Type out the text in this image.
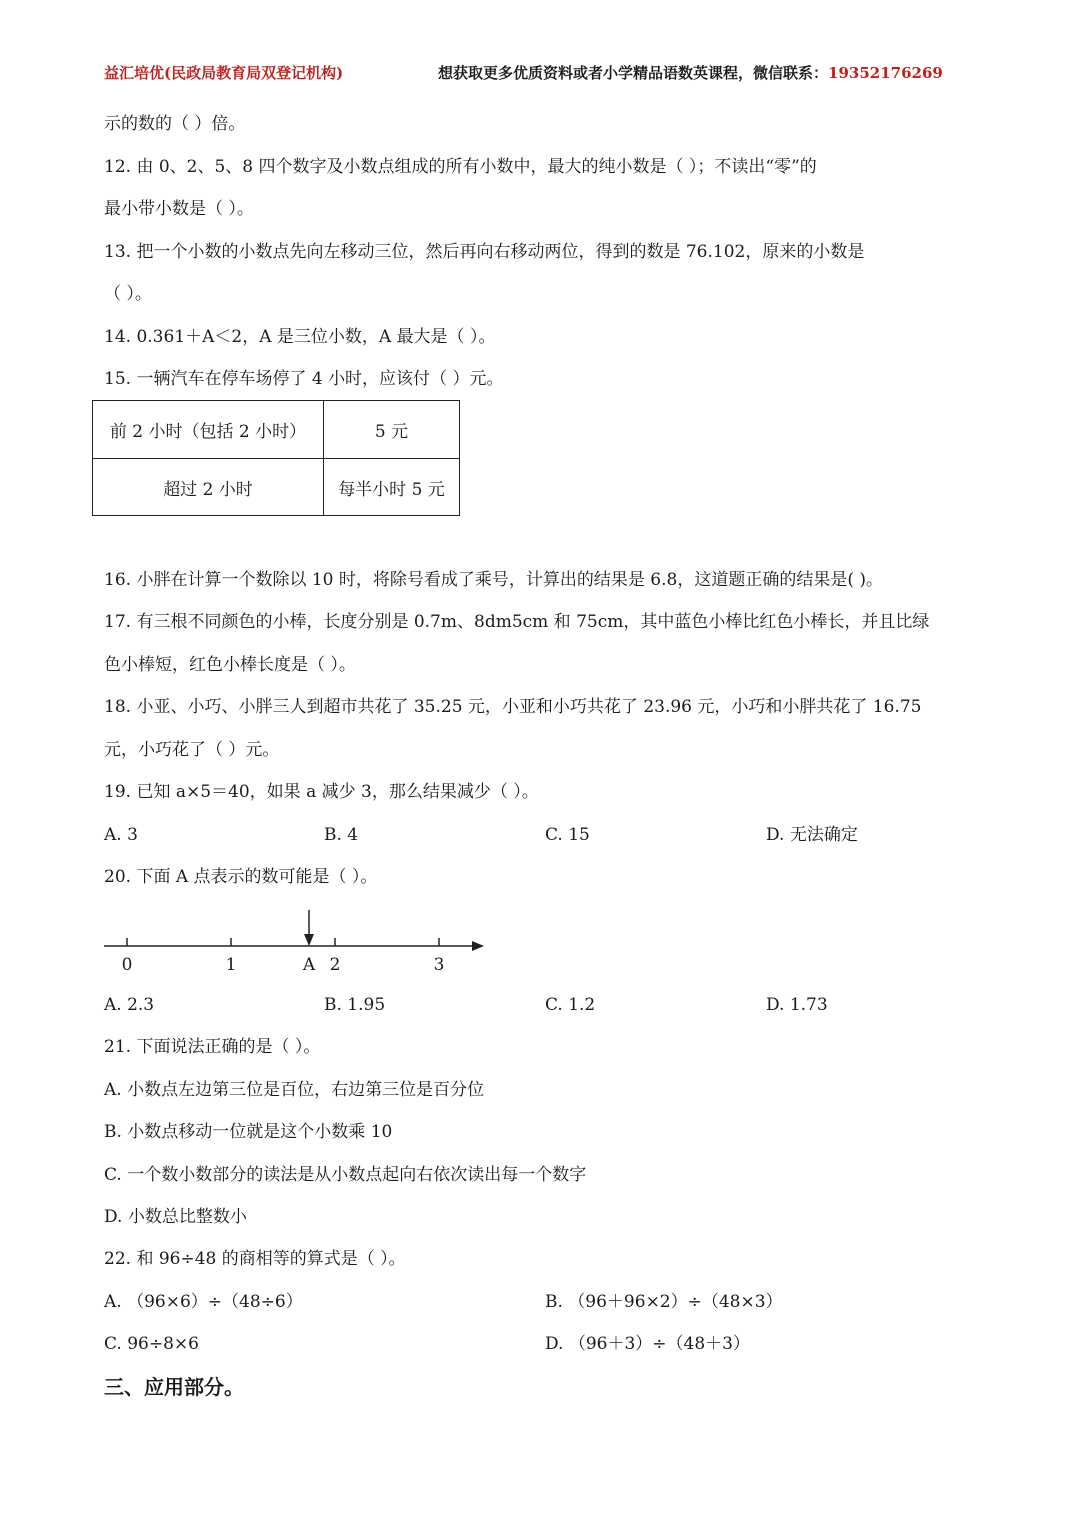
益汇培优(民政局教育局双登记机构)	想获取更多优质资料或者小学精品语数英课程，微信联系：19352176269
示的数的（ ）倍。
12. 由 0、2、5、8 四个数字及小数点组成的所有小数中，最大的纯小数是（ ）；不读出“零”的
最小带小数是（ ）。
13. 把一个小数的小数点先向左移动三位，然后再向右移动两位，得到的数是 76.102，原来的小数是
（ ）。
14. 0.361＋A＜2，A 是三位小数，A 最大是（ ）。
15. 一辆汽车在停车场停了 4 小时，应该付（ ）元。
前 2 小时（包括 2 小时）	5 元
超过 2 小时	每半小时 5 元
16. 小胖在计算一个数除以 10 时，将除号看成了乘号，计算出的结果是 6.8，这道题正确的结果是( )。
17. 有三根不同颜色的小棒，长度分别是 0.7m、8dm5cm 和 75cm，其中蓝色小棒比红色小棒长，并且比绿
色小棒短，红色小棒长度是（ ）。
18. 小亚、小巧、小胖三人到超市共花了 35.25 元，小亚和小巧共花了 23.96 元，小巧和小胖共花了 16.75
元，小巧花了（ ）元。
19. 已知 a×5＝40，如果 a 减少 3，那么结果减少（ ）。
A. 3	B. 4	C. 15	D. 无法确定
20. 下面 A 点表示的数可能是（ ）。
0	1	2	3
A
A. 2.3	B. 1.95	C. 1.2	D. 1.73
21. 下面说法正确的是（ ）。
A. 小数点左边第三位是百位，右边第三位是百分位
B. 小数点移动一位就是这个小数乘 10
C. 一个数小数部分的读法是从小数点起向右依次读出每一个数字
D. 小数总比整数小
22. 和 96÷48 的商相等的算式是（ ）。
A. （96×6）÷（48÷6）	B. （96＋96×2）÷（48×3）
C. 96÷8×6	D. （96＋3）÷（48＋3）
三、应用部分。
